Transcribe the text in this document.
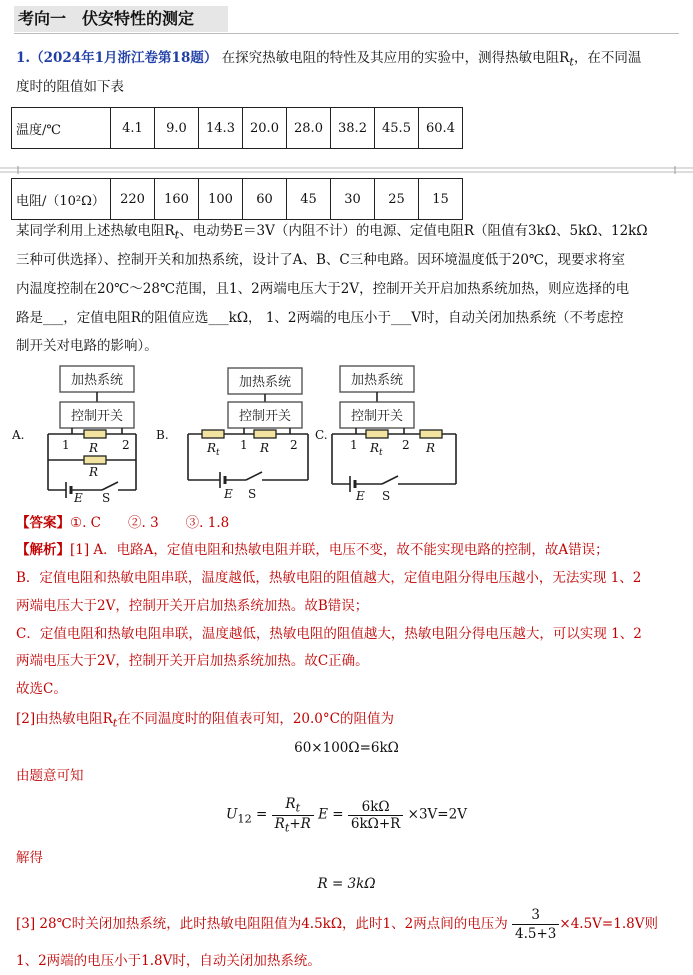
考向一　伏安特性的测定
1.（2024年1月浙江卷第18题） 在探究热敏电阻的特性及其应用的实验中，测得热敏电阻$R_t$，在不同温
度时的阻值如下表
温度/℃	4.1	9.0	14.3	20.0	28.0	38.2	45.5	60.4
电阻/（10²Ω）	220	160	100	60	45	30	25	15
某同学利用上述热敏电阻$R_t$、电动势E＝3V（内阻不计）的电源、定值电阻R（阻值有3kΩ、5kΩ、12kΩ
三种可供选择）、控制开关和加热系统，设计了A、B、C三种电路。因环境温度低于20℃，现要求将室
内温度控制在20℃～28℃范围，且1、2两端电压大于2V，控制开关开启加热系统加热，则应选择的电
路是___，定值电阻R的阻值应选___kΩ， 1、2两端的电压小于___V时，自动关闭加热系统（不考虑控
制开关对电路的影响）。
A.
加热系统
控制开关
1	2
R
R
E S
B.
加热系统
控制开关
1	2
$R_t$	R
E S
C.
加热系统
控制开关
1	2
$R_t$	R
E S
【答案】①. C　　②. 3　　③. 1.8
【解析】[1] A．电路A，定值电阻和热敏电阻并联，电压不变，故不能实现电路的控制，故A错误；
B．定值电阻和热敏电阻串联，温度越低，热敏电阻的阻值越大，定值电阻分得电压越小，无法实现 1、2
两端电压大于2V，控制开关开启加热系统加热。故B错误；
C．定值电阻和热敏电阻串联，温度越低，热敏电阻的阻值越大，热敏电阻分得电压越大，可以实现 1、2
两端电压大于2V，控制开关开启加热系统加热。故C正确。
故选C。
[2]由热敏电阻$R_t$在不同温度时的阻值表可知，20.0°C的阻值为
60×100Ω=6kΩ
由题意可知
$U_{12} = \frac{R_t}{R_t+R}$ $E = \frac{6k\Omega}{6k\Omega+R} \times 3V=2V$
解得
R = 3kΩ
[3] 28℃时关闭加热系统，此时热敏电阻阻值为4.5kΩ，此时1、2两点间的电压为 $\frac{3}{4.5+3} \times 4.5V=1.8V$则
1、2两端的电压小于1.8V时，自动关闭加热系统。
